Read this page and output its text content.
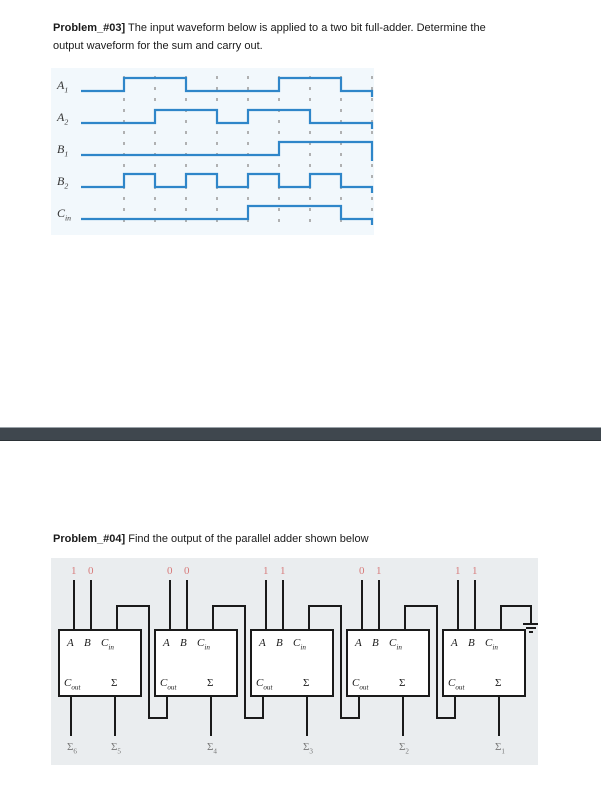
Problem_#03] The input waveform below is applied to a two bit full-adder. Determine the
output waveform for the sum and carry out.
$A_1$
$A_2$
$B_1$
$B_2$
$C_{in}$
Problem_#04] Find the output of the parallel adder shown below
1 0	0 0	1 1	0 1	1 1
A B $C_{in}$
$C_{out}$	Σ
A B $C_{in}$
$C_{out}$	Σ
A B $C_{in}$
$C_{out}$	Σ
A B $C_{in}$
$C_{out}$	Σ
A B $C_{in}$
$C_{out}$	Σ
$\Sigma_6$	$\Sigma_5$	$\Sigma_4$	$\Sigma_3$	$\Sigma_2$	$\Sigma_1$
